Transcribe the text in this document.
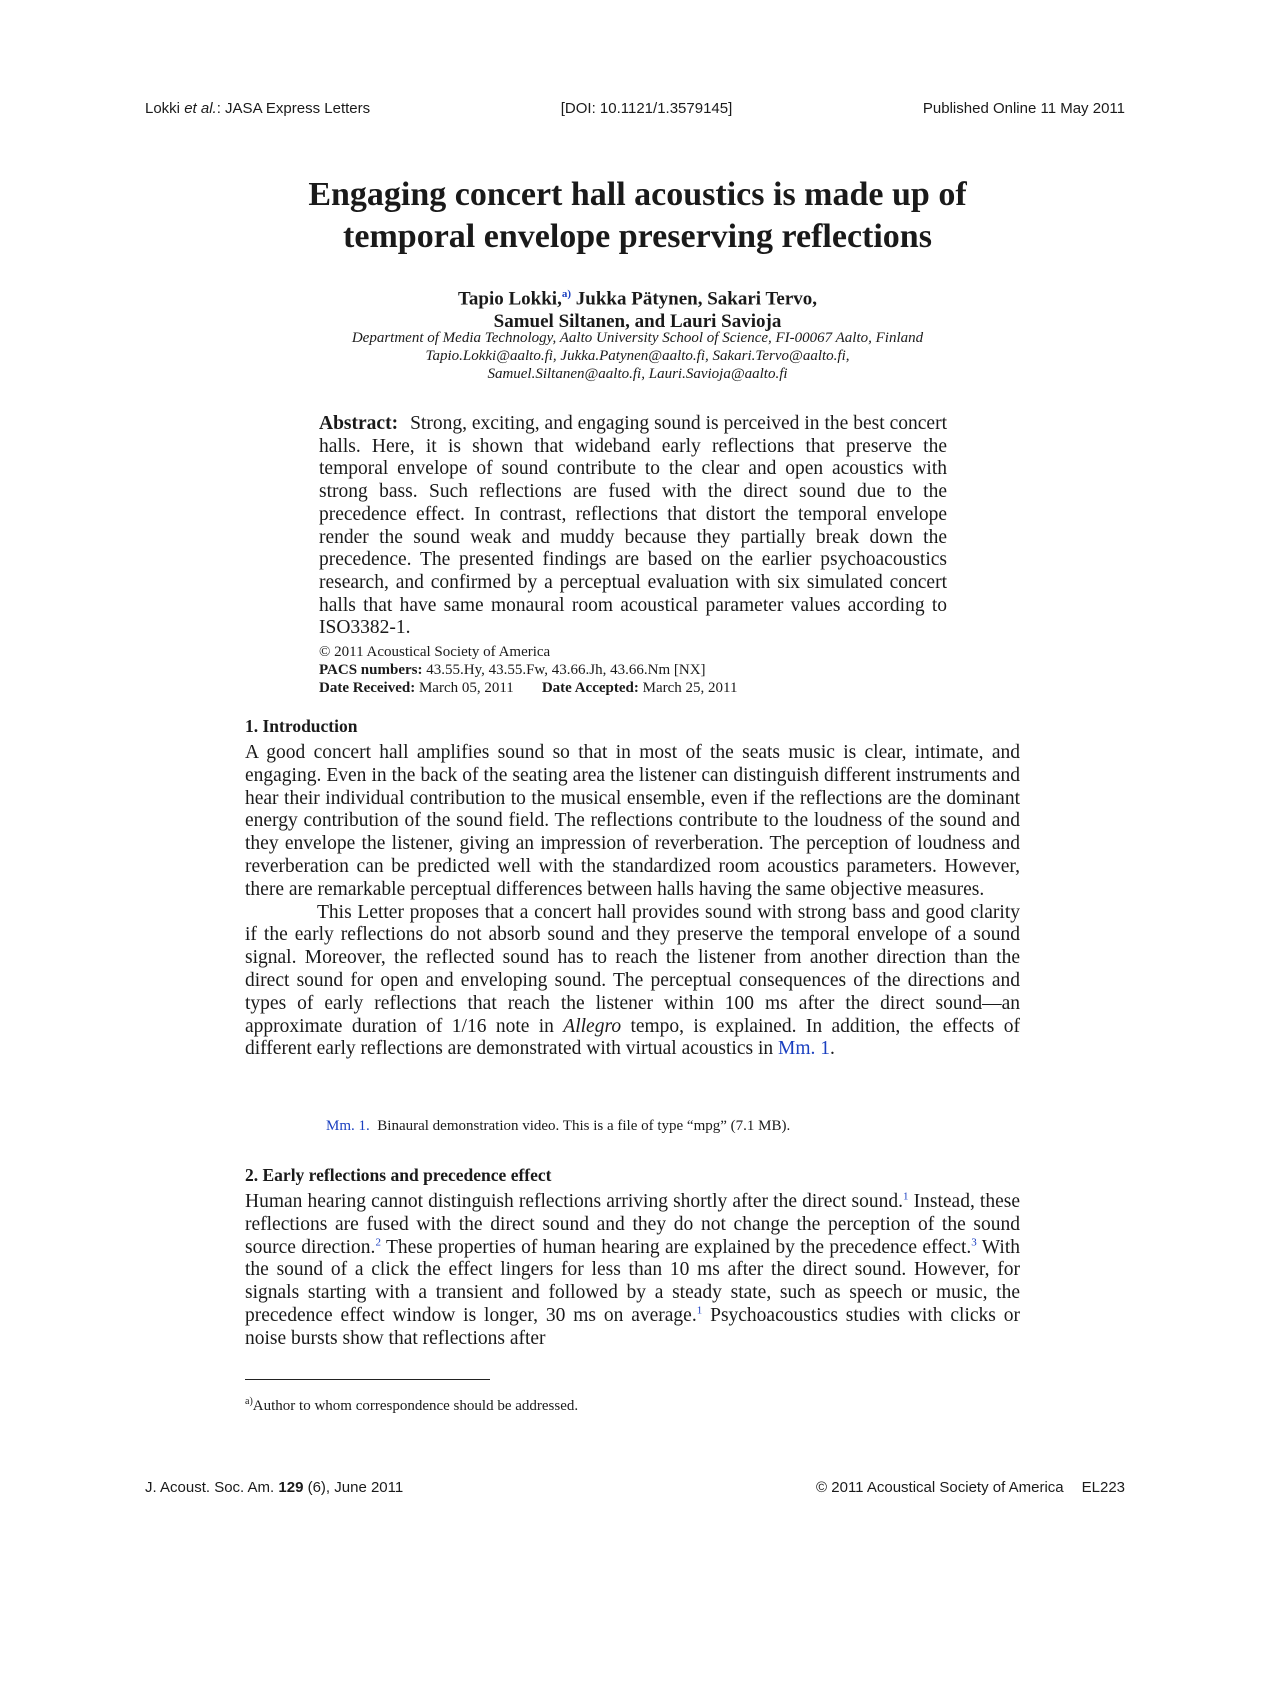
Lokki et al.: JASA Express Letters	[DOI: 10.1121/1.3579145]	Published Online 11 May 2011
Engaging concert hall acoustics is made up of
temporal envelope preserving reflections
Tapio Lokki,$^{a)}$ Jukka Pätynen, Sakari Tervo,
Samuel Siltanen, and Lauri Savioja
Department of Media Technology, Aalto University School of Science, FI-00067 Aalto, Finland
Tapio.Lokki@aalto.fi, Jukka.Patynen@aalto.fi, Sakari.Tervo@aalto.fi,
Samuel.Siltanen@aalto.fi, Lauri.Savioja@aalto.fi
Abstract: Strong, exciting, and engaging sound is perceived in the best concert halls. Here, it is shown that wideband early reflections that preserve the temporal envelope of sound contribute to the clear and open acoustics with strong bass. Such reflections are fused with the direct sound due to the precedence effect. In contrast, reflections that distort the temporal envelope render the sound weak and muddy because they partially break down the precedence. The presented findings are based on the earlier psychoacoustics research, and confirmed by a perceptual evaluation with six simulated concert halls that have same monaural room acoustical parameter values according to ISO3382-1.
© 2011 Acoustical Society of America
PACS numbers: 43.55.Hy, 43.55.Fw, 43.66.Jh, 43.66.Nm [NX]
Date Received: March 05, 2011 Date Accepted: March 25, 2011
1. Introduction

A good concert hall amplifies sound so that in most of the seats music is clear, intimate, and engaging. Even in the back of the seating area the listener can distinguish different instruments and hear their individual contribution to the musical ensemble, even if the reflections are the dominant energy contribution of the sound field. The reflections contribute to the loudness of the sound and they envelope the listener, giving an impression of reverberation. The perception of loudness and reverberation can be predicted well with the standardized room acoustics parameters. However, there are remarkable perceptual differences between halls having the same objective measures.

This Letter proposes that a concert hall provides sound with strong bass and good clarity if the early reflections do not absorb sound and they preserve the temporal envelope of a sound signal. Moreover, the reflected sound has to reach the listener from another direction than the direct sound for open and enveloping sound. The perceptual consequences of the directions and types of early reflections that reach the listener within 100 ms after the direct sound—an approximate duration of 1/16 note in Allegro tempo, is explained. In addition, the effects of different early reflections are demonstrated with virtual acoustics in Mm. 1.

Mm. 1. Binaural demonstration video. This is a file of type “mpg” (7.1 MB).
2. Early reflections and precedence effect

Human hearing cannot distinguish reflections arriving shortly after the direct sound.$^1$ Instead, these reflections are fused with the direct sound and they do not change the perception of the sound source direction.$^2$ These properties of human hearing are explained by the precedence effect.$^3$ With the sound of a click the effect lingers for less than 10 ms after the direct sound. However, for signals starting with a transient and followed by a steady state, such as speech or music, the precedence effect window is longer, 30 ms on average.$^1$ Psychoacoustics studies with clicks or noise bursts show that reflections after

$^{a)}$Author to whom correspondence should be addressed.
J. Acoust. Soc. Am. 129 (6), June 2011	© 2011 Acoustical Society of America EL223
